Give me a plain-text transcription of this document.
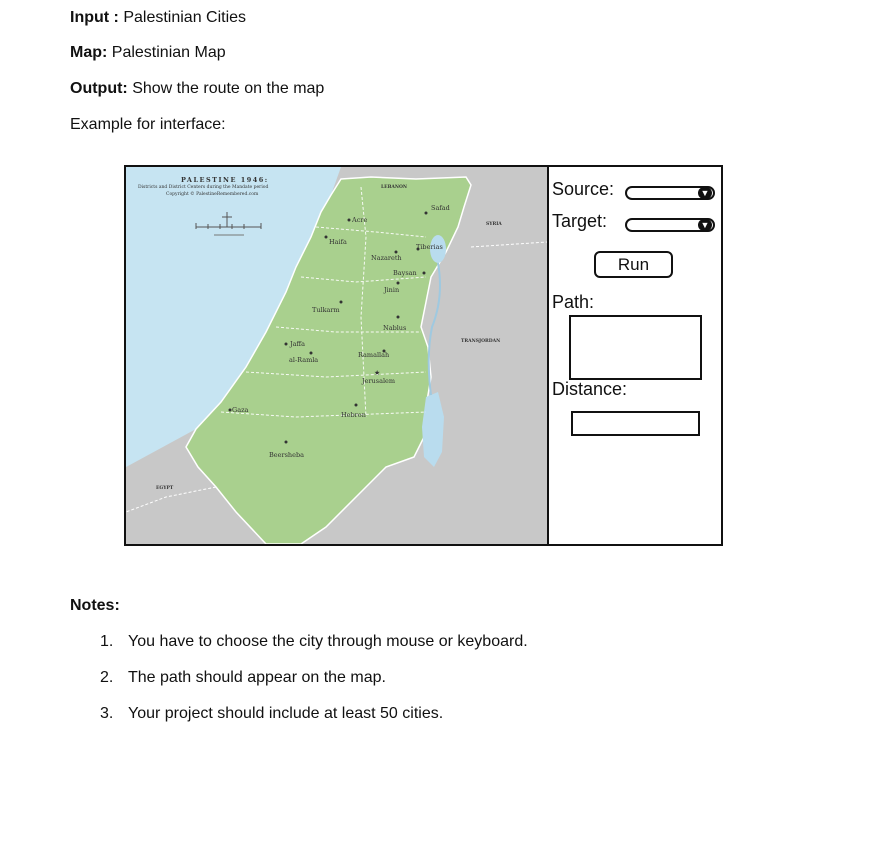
Input : Palestinian Cities
Map: Palestinian Map
Output: Show the route on the map
Example for interface:
PALESTINE 1946:
Districts and District Centers during the Mandate period
Copyright © PalestineRemembered.com
LEBANON
SYRIA
TRANSJORDAN
EGYPT
Acre
Safad
Haifa
Tiberias
Nazareth
Baysan
Jinin
Tulkarm
Nablus
Jaffa
al-Ramla
Ramallah
★
Jerusalem
Gaza
Hebron
Beersheba
Source:	▼
Target:	▼
Run
Path:
Distance:
Notes:
1. You have to choose the city through mouse or keyboard.
2. The path should appear on the map.
3. Your project should include at least 50 cities.
